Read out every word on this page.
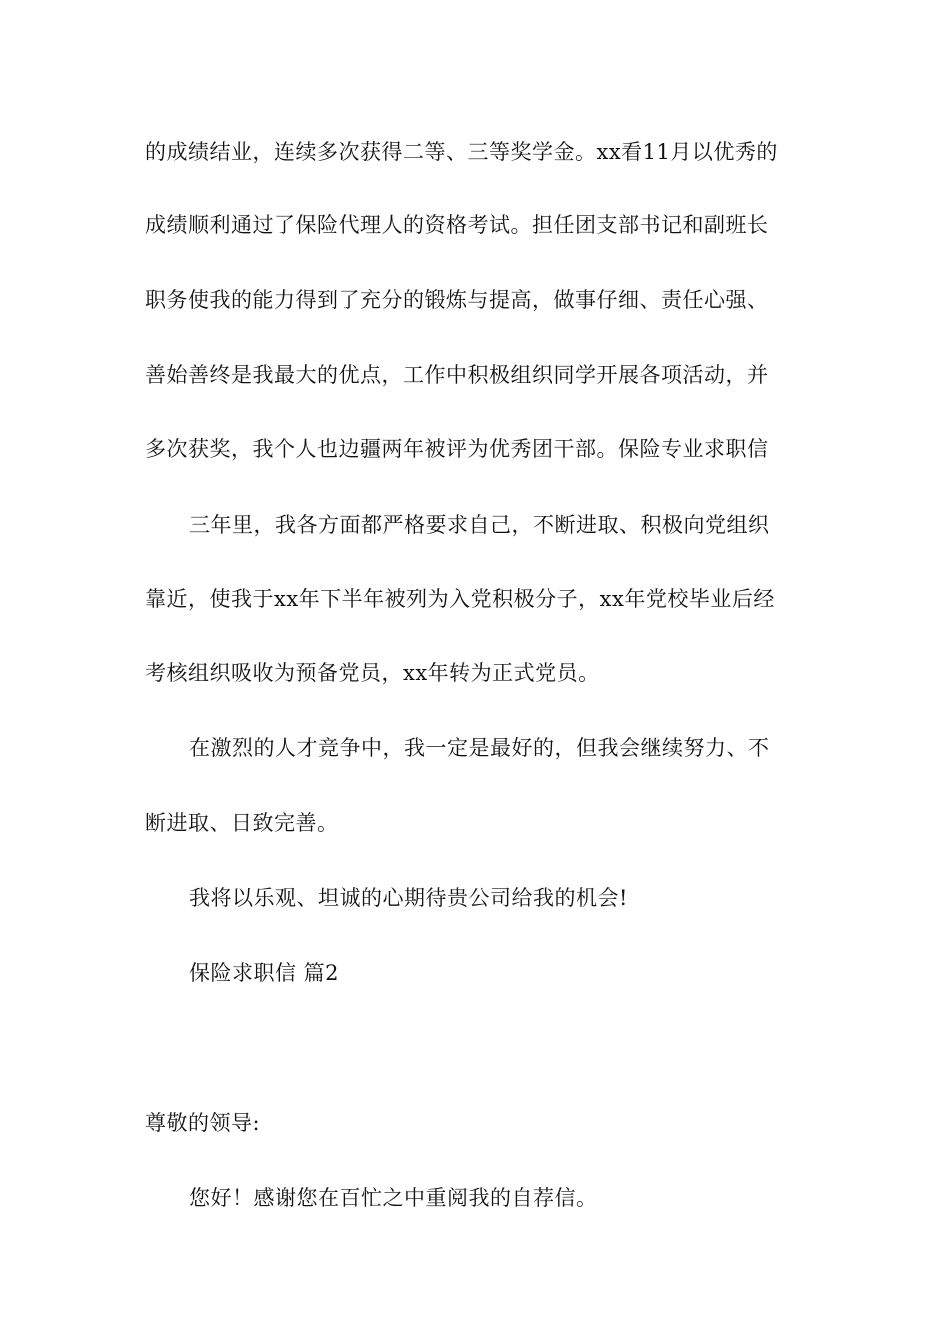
的成绩结业，连续多次获得二等、三等奖学金。xx看11月以优秀的
成绩顺利通过了保险代理人的资格考试。担任团支部书记和副班长
职务使我的能力得到了充分的锻炼与提高，做事仔细、责任心强、
善始善终是我最大的优点，工作中积极组织同学开展各项活动，并
多次获奖，我个人也边疆两年被评为优秀团干部。保险专业求职信
三年里，我各方面都严格要求自己，不断进取、积极向党组织
靠近，使我于xx年下半年被列为入党积极分子，xx年党校毕业后经
考核组织吸收为预备党员，xx年转为正式党员。
在激烈的人才竞争中，我一定是最好的，但我会继续努力、不
断进取、日致完善。
我将以乐观、坦诚的心期待贵公司给我的机会!
保险求职信 篇2
尊敬的领导:
您好！感谢您在百忙之中重阅我的自荐信。
